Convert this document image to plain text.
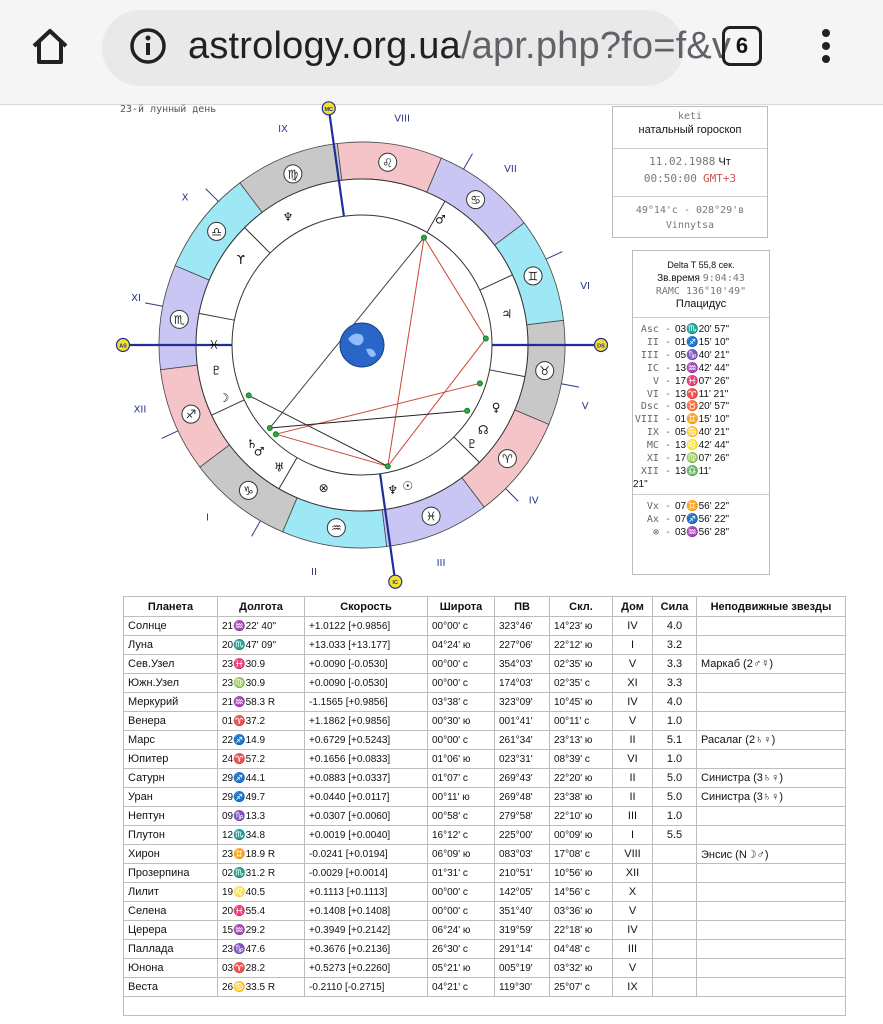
astrology.org.ua/apr.php?fo=f&v 6
23-й лунный день
♌
♍
♎
♏
♐
♑
♒
♓
♈
♉
♊
♋
IX
X
XI
XII
I
II
III
IV
V
VI
VII
VIII
AS	DS
MC
IC
ϒ
♆	♂
♃
♀
☊
♇
☉
♆
⊗
♅
♂
♄
☽
♇
♓
keti
натальный гороскоп
11.02.1988 Чт
00:50:00 GMT+3
49°14'с - 028°29'в
Vinnytsa
Delta T 55,8 сек.
Зв.время 9:04:43
RAMC 136°10'49"
Плацидус
Asc - 03♏20' 57"
II - 01♐15' 10"
III - 05♑40' 21"
IC - 13♒42' 44"
V - 17♓07' 26"
VI - 13♈11' 21"
Dsc - 03♉20' 57"
VIII - 01♊15' 10"
IX - 05♋40' 21"
MC - 13♌42' 44"
XI - 17♍07' 26"
XII - 13♎11'
21"
Vx - 07♊56' 22"
Ax - 07♐56' 22"
⊗ - 03♒56' 28"
Планета	Долгота	Скорость	Широта	ПВ	Скл.	Дом	Сила	Неподвижные звезды
Солнце	21♒22' 40"	+1.0122 [+0.9856]	00°00' с	323°46'	14°23' ю	IV	4.0	
Луна	20♏47' 09"	+13.033 [+13.177]	04°24' ю	227°06'	22°12' ю	I	3.2	
Сев.Узел	23♓30.9	+0.0090 [-0.0530]	00°00' с	354°03'	02°35' ю	V	3.3	Маркаб (2♂☿)
Южн.Узел	23♍30.9	+0.0090 [-0.0530]	00°00' с	174°03'	02°35' с	XI	3.3	
Меркурий	21♒58.3 R	-1.1565 [+0.9856]	03°38' с	323°09'	10°45' ю	IV	4.0	
Венера	01♈37.2	+1.1862 [+0.9856]	00°30' ю	001°41'	00°11' с	V	1.0	
Марс	22♐14.9	+0.6729 [+0.5243]	00°00' с	261°34'	23°13' ю	II	5.1	Расалаг (2♄♀)
Юпитер	24♈57.2	+0.1656 [+0.0833]	01°06' ю	023°31'	08°39' с	VI	1.0	
Сатурн	29♐44.1	+0.0883 [+0.0337]	01°07' с	269°43'	22°20' ю	II	5.0	Синистра (3♄♀)
Уран	29♐49.7	+0.0440 [+0.0117]	00°11' ю	269°48'	23°38' ю	II	5.0	Синистра (3♄♀)
Нептун	09♑13.3	+0.0307 [+0.0060]	00°58' с	279°58'	22°10' ю	III	1.0	
Плутон	12♏34.8	+0.0019 [+0.0040]	16°12' с	225°00'	00°09' ю	I	5.5	
Хирон	23♊18.9 R	-0.0241 [+0.0194]	06°09' ю	083°03'	17°08' с	VIII		Энсис (N☽♂)
Прозерпина	02♏31.2 R	-0.0029 [+0.0014]	01°31' с	210°51'	10°56' ю	XII		
Лилит	19♌40.5	+0.1113 [+0.1113]	00°00' с	142°05'	14°56' с	X		
Селена	20♓55.4	+0.1408 [+0.1408]	00°00' с	351°40'	03°36' ю	V		
Церера	15♒29.2	+0.3949 [+0.2142]	06°24' ю	319°59'	22°18' ю	IV		
Паллада	23♑47.6	+0.3676 [+0.2136]	26°30' с	291°14'	04°48' с	III		
Юнона	03♈28.2	+0.5273 [+0.2260]	05°21' ю	005°19'	03°32' ю	V		
Веста	26♋33.5 R	-0.2110 [-0.2715]	04°21' с	119°30'	25°07' с	IX		
